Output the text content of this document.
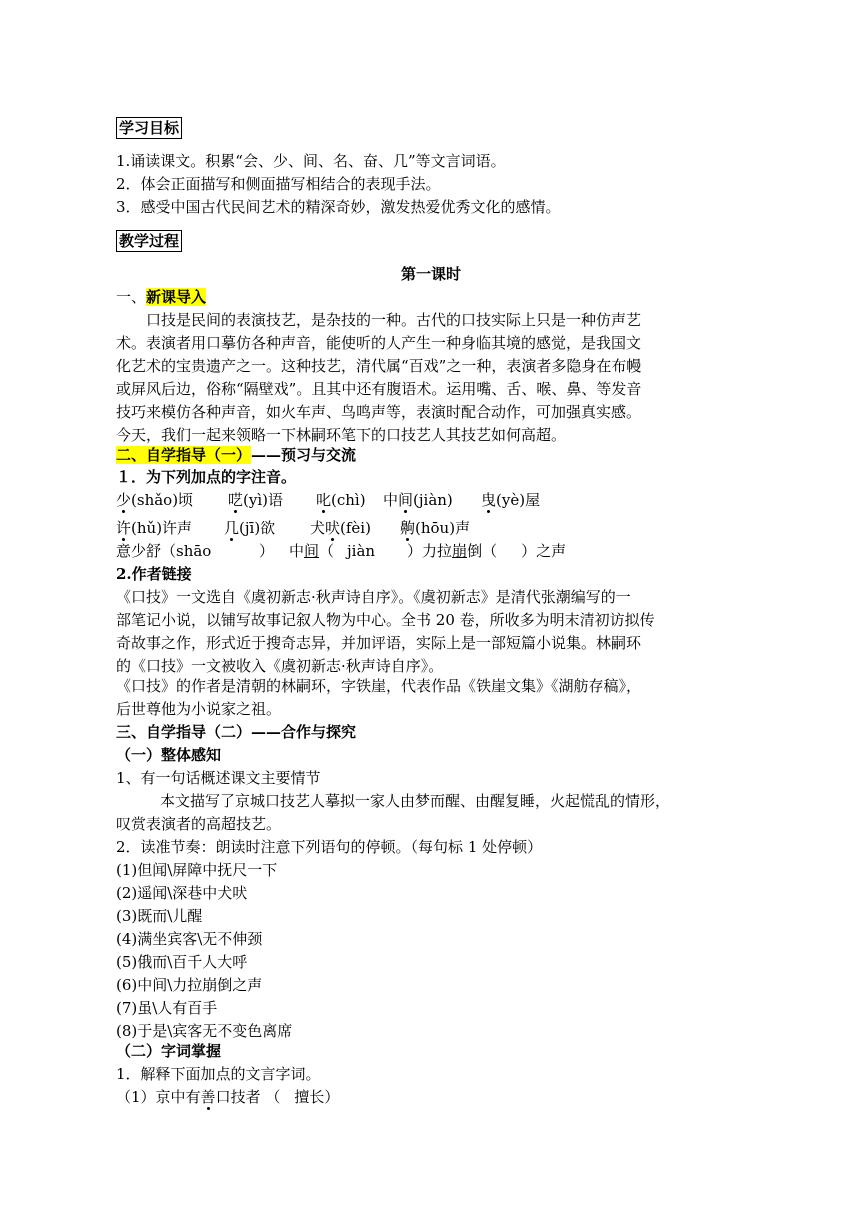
学习目标
1.诵读课文。积累“会、少、间、名、奋、几”等文言词语。
2．体会正面描写和侧面描写相结合的表现手法。
3．感受中国古代民间艺术的精深奇妙，激发热爱优秀文化的感情。
教学过程
第一课时
一、新课导入
口技是民间的表演技艺，是杂技的一种。古代的口技实际上只是一种仿声艺
术。表演者用口摹仿各种声音，能使听的人产生一种身临其境的感觉，是我国文
化艺术的宝贵遗产之一。这种技艺，清代属“百戏”之一种，表演者多隐身在布幔
或屏风后边，俗称“隔壁戏”。且其中还有腹语术。运用嘴、舌、喉、鼻、等发音
技巧来模仿各种声音，如火车声、鸟鸣声等，表演时配合动作，可加强真实感。
今天，我们一起来领略一下林嗣环笔下的口技艺人其技艺如何高超。
二、自学指导（一）——预习与交流
１．为下列加点的字注音。
少(shǎo)顷 呓(yì)语 叱(chì) 中间(jiàn) 曳(yè)屋
许(hǔ)许声 几(jī)欲 犬吠(fèi) 齁(hōu)声
意少舒（shāo	） 中间（ jiàn ）力拉崩倒（ ）之声
2.作者链接
《口技》一文选自《虞初新志·秋声诗自序》。《虞初新志》是清代张潮编写的一
部笔记小说，以铺写故事记叙人物为中心。全书 20 卷，所收多为明末清初访拟传
奇故事之作，形式近于搜奇志异，并加评语，实际上是一部短篇小说集。林嗣环
的《口技》一文被收入《虞初新志·秋声诗自序》。
《口技》的作者是清朝的林嗣环，字铁崖，代表作品《铁崖文集》《湖舫存稿》，
后世尊他为小说家之祖。
三、自学指导（二）——合作与探究
（一）整体感知
1、有一句话概述课文主要情节
本文描写了京城口技艺人摹拟一家人由梦而醒、由醒复睡，火起慌乱的情形，
叹赏表演者的高超技艺。
2．读准节奏：朗读时注意下列语句的停顿。（每句标 1 处停顿）
(1)但闻\屏障中抚尺一下
(2)遥闻\深巷中犬吠
(3)既而\儿醒
(4)满坐宾客\无不伸颈
(5)俄而\百千人大呼
(6)中间\力拉崩倒之声
(7)虽\人有百手
(8)于是\宾客无不变色离席
（二）字词掌握
1．解释下面加点的文言字词。
（1）京中有善口技者 （ 擅长）
